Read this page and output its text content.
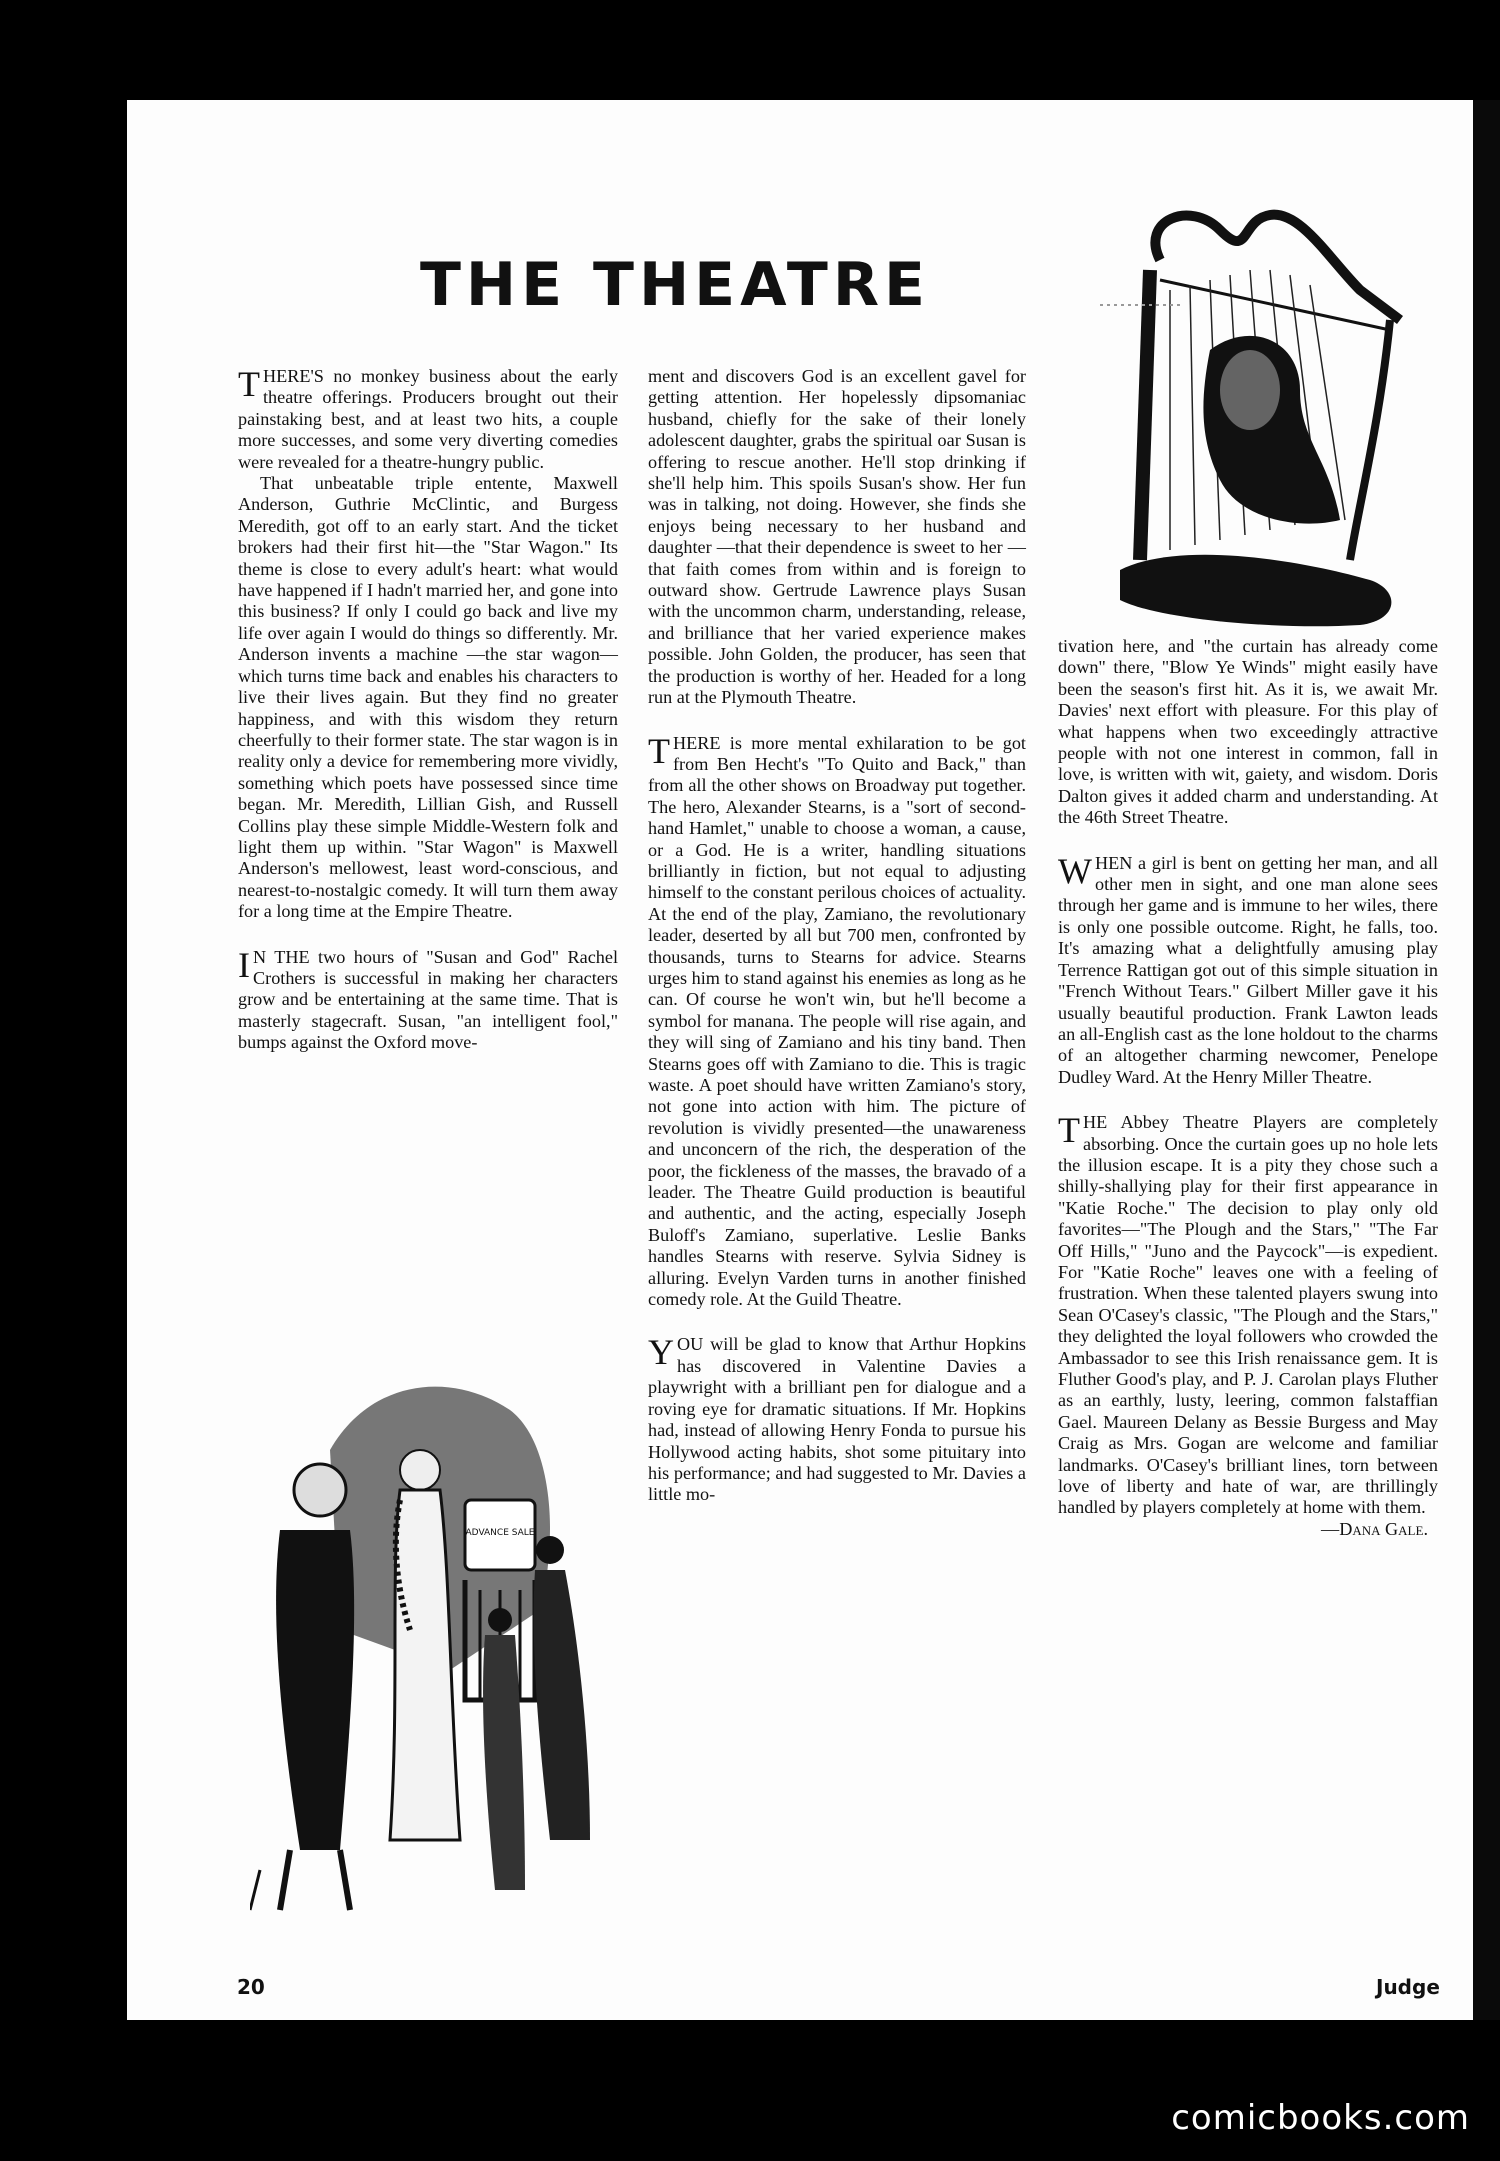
THE THEATRE
ADVANCE SALE

THERE'S no monkey business about the early theatre offerings. Producers brought out their painstaking best, and at least two hits, a couple more successes, and some very diverting comedies were revealed for a theatre-hungry public.

That unbeatable triple entente, Maxwell Anderson, Guthrie McClintic, and Burgess Meredith, got off to an early start. And the ticket brokers had their first hit—the "Star Wagon." Its theme is close to every adult's heart: what would have happened if I hadn't married her, and gone into this business? If only I could go back and live my life over again I would do things so differently. Mr. Anderson invents a machine —the star wagon—which turns time back and enables his characters to live their lives again. But they find no greater happiness, and with this wisdom they return cheerfully to their former state. The star wagon is in reality only a device for remembering more vividly, something which poets have possessed since time began. Mr. Meredith, Lillian Gish, and Russell Collins play these simple Middle-Western folk and light them up within. "Star Wagon" is Maxwell Anderson's mellowest, least word-conscious, and nearest-to-nostalgic comedy. It will turn them away for a long time at the Empire Theatre.

I N THE two hours of "Susan and God" Rachel Crothers is successful in making her characters grow and be entertaining at the same time. That is masterly stagecraft. Susan, "an intelligent fool," bumps against the Oxford move-

ment and discovers God is an excellent gavel for getting attention. Her hopelessly dipsomaniac husband, chiefly for the sake of their lonely adolescent daughter, grabs the spiritual oar Susan is offering to rescue another. He'll stop drinking if she'll help him. This spoils Susan's show. Her fun was in talking, not doing. However, she finds she enjoys being necessary to her husband and daughter —that their dependence is sweet to her —that faith comes from within and is foreign to outward show. Gertrude Lawrence plays Susan with the uncommon charm, understanding, release, and brilliance that her varied experience makes possible. John Golden, the producer, has seen that the production is worthy of her. Headed for a long run at the Plymouth Theatre.

THERE is more mental exhilaration to be got from Ben Hecht's "To Quito and Back," than from all the other shows on Broadway put together. The hero, Alexander Stearns, is a "sort of second-hand Hamlet," unable to choose a woman, a cause, or a God. He is a writer, handling situations brilliantly in fiction, but not equal to adjusting himself to the constant perilous choices of actuality. At the end of the play, Zamiano, the revolutionary leader, deserted by all but 700 men, confronted by thousands, turns to Stearns for advice. Stearns urges him to stand against his enemies as long as he can. Of course he won't win, but he'll become a symbol for manana. The people will rise again, and they will sing of Zamiano and his tiny band. Then Stearns goes off with Zamiano to die. This is tragic waste. A poet should have written Zamiano's story, not gone into action with him. The picture of revolution is vividly presented—the unawareness and unconcern of the rich, the desperation of the poor, the fickleness of the masses, the bravado of a leader. The Theatre Guild production is beautiful and authentic, and the acting, especially Joseph Buloff's Zamiano, superlative. Leslie Banks handles Stearns with reserve. Sylvia Sidney is alluring. Evelyn Varden turns in another finished comedy role. At the Guild Theatre.

YOU will be glad to know that Arthur Hopkins has discovered in Valentine Davies a playwright with a brilliant pen for dialogue and a roving eye for dramatic situations. If Mr. Hopkins had, instead of allowing Henry Fonda to pursue his Hollywood acting habits, shot some pituitary into his performance; and had suggested to Mr. Davies a little mo-

tivation here, and "the curtain has already come down" there, "Blow Ye Winds" might easily have been the season's first hit. As it is, we await Mr. Davies' next effort with pleasure. For this play of what happens when two exceedingly attractive people with not one interest in common, fall in love, is written with wit, gaiety, and wisdom. Doris Dalton gives it added charm and understanding. At the 46th Street Theatre.

WHEN a girl is bent on getting her man, and all other men in sight, and one man alone sees through her game and is immune to her wiles, there is only one possible outcome. Right, he falls, too. It's amazing what a delightfully amusing play Terrence Rattigan got out of this simple situation in "French Without Tears." Gilbert Miller gave it his usually beautiful production. Frank Lawton leads an all-English cast as the lone holdout to the charms of an altogether charming newcomer, Penelope Dudley Ward. At the Henry Miller Theatre.

THE Abbey Theatre Players are completely absorbing. Once the curtain goes up no hole lets the illusion escape. It is a pity they chose such a shilly-shallying play for their first appearance in "Katie Roche." The decision to play only old favorites—"The Plough and the Stars," "The Far Off Hills," "Juno and the Paycock"—is expedient. For "Katie Roche" leaves one with a feeling of frustration. When these talented players swung into Sean O'Casey's classic, "The Plough and the Stars," they delighted the loyal followers who crowded the Ambassador to see this Irish renaissance gem. It is Fluther Good's play, and P. J. Carolan plays Fluther as an earthly, lusty, leering, common falstaffian Gael. Maureen Delany as Bessie Burgess and May Craig as Mrs. Gogan are welcome and familiar landmarks. O'Casey's brilliant lines, torn between love of liberty and hate of war, are thrillingly handled by players completely at home with them.

—Dana Gale.

20	Judge
comicbooks.com
